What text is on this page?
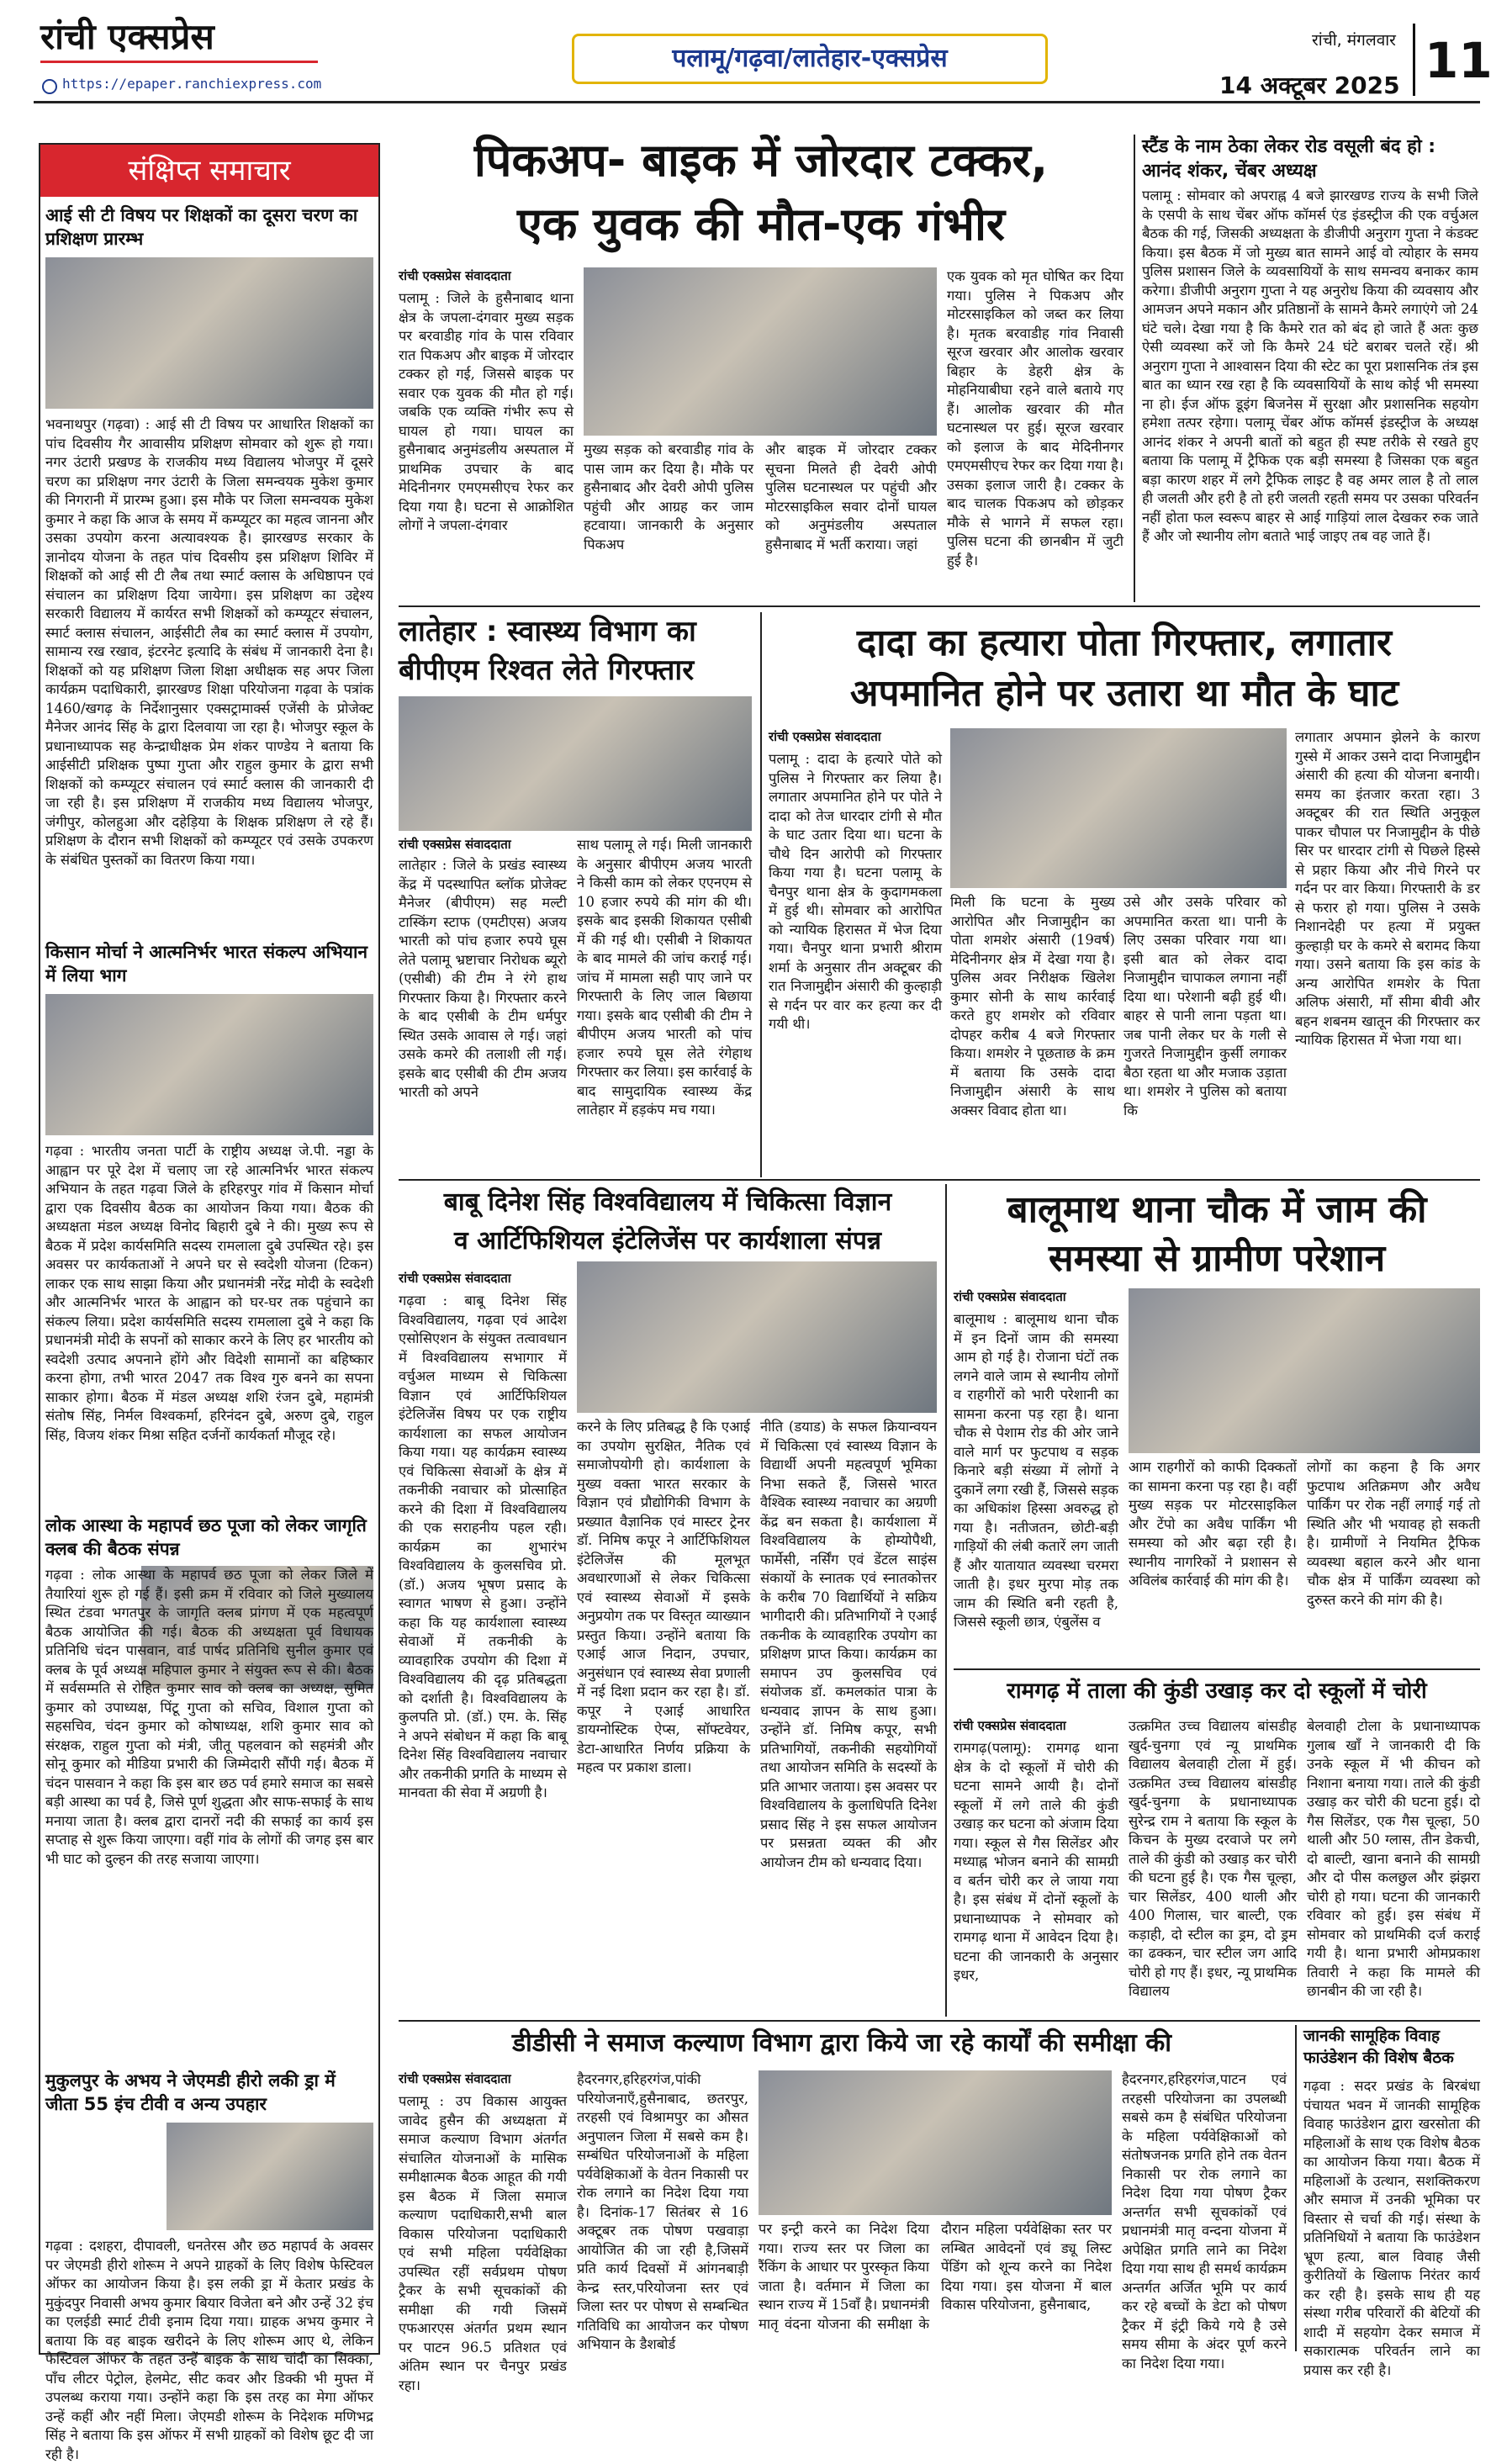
रांची एक्सप्रेस
https://epaper.ranchiexpress.com
पलामू/गढ़वा/लातेहार-एक्सप्रेस
रांची, मंगलवार
14 अक्टूबर 2025 11
संक्षिप्त समाचार
आई सी टी विषय पर शिक्षकों का दूसरा चरण का प्रशिक्षण प्रारम्भ
भवनाथपुर (गढ़वा) : आई सी टी विषय पर आधारित शिक्षकों का पांच दिवसीय गैर आवासीय प्रशिक्षण सोमवार को शुरू हो गया। नगर उंटारी प्रखण्ड के राजकीय मध्य विद्यालय भोजपुर में दूसरे चरण का प्रशिक्षण नगर उंटारी के जिला समन्वयक मुकेश कुमार की निगरानी में प्रारम्भ हुआ। इस मौके पर जिला समन्वयक मुकेश कुमार ने कहा कि आज के समय में कम्प्यूटर का महत्व जानना और उसका उपयोग करना अत्यावश्यक है। झारखण्ड सरकार के ज्ञानोदय योजना के तहत पांच दिवसीय इस प्रशिक्षण शिविर में शिक्षकों को आई सी टी लैब तथा स्मार्ट क्लास के अधिष्ठापन एवं संचालन का प्रशिक्षण दिया जायेगा। इस प्रशिक्षण का उद्देश्य सरकारी विद्यालय में कार्यरत सभी शिक्षकों को कम्प्यूटर संचालन, स्मार्ट क्लास संचालन, आईसीटी लैब का स्मार्ट क्लास में उपयोग, सामान्य रख रखाव, इंटरनेट इत्यादि के संबंध में जानकारी देना है। शिक्षकों को यह प्रशिक्षण जिला शिक्षा अधीक्षक सह अपर जिला कार्यक्रम पदाधिकारी, झारखण्ड शिक्षा परियोजना गढ़वा के पत्रांक 1460/खगढ़ के निर्देशानुसार एक्सट्रामार्क्स एजेंसी के प्रोजेक्ट मैनेजर आनंद सिंह के द्वारा दिलवाया जा रहा है। भोजपुर स्कूल के प्रधानाध्यापक सह केन्द्राधीक्षक प्रेम शंकर पाण्डेय ने बताया कि आईसीटी प्रशिक्षक पुष्पा गुप्ता और राहुल कुमार के द्वारा सभी शिक्षकों को कम्प्यूटर संचालन एवं स्मार्ट क्लास की जानकारी दी जा रही है। इस प्रशिक्षण में राजकीय मध्य विद्यालय भोजपुर, जंगीपुर, कोलहुआ और दहेड़िया के शिक्षक प्रशिक्षण ले रहे हैं। प्रशिक्षण के दौरान सभी शिक्षकों को कम्प्यूटर एवं उसके उपकरण के संबंधित पुस्तकों का वितरण किया गया।
किसान मोर्चा ने आत्मनिर्भर भारत संकल्प अभियान में लिया भाग
गढ़वा : भारतीय जनता पार्टी के राष्ट्रीय अध्यक्ष जे.पी. नड्डा के आह्वान पर पूरे देश में चलाए जा रहे आत्मनिर्भर भारत संकल्प अभियान के तहत गढ़वा जिले के हरिहरपुर गांव में किसान मोर्चा द्वारा एक दिवसीय बैठक का आयोजन किया गया। बैठक की अध्यक्षता मंडल अध्यक्ष विनोद बिहारी दुबे ने की। मुख्य रूप से बैठक में प्रदेश कार्यसमिति सदस्य रामलाला दुबे उपस्थित रहे। इस अवसर पर कार्यकताओं ने अपने घर से स्वदेशी योजना (टिकन) लाकर एक साथ साझा किया और प्रधानमंत्री नरेंद्र मोदी के स्वदेशी और आत्मनिर्भर भारत के आह्वान को घर-घर तक पहुंचाने का संकल्प लिया। प्रदेश कार्यसमिति सदस्य रामलाला दुबे ने कहा कि प्रधानमंत्री मोदी के सपनों को साकार करने के लिए हर भारतीय को स्वदेशी उत्पाद अपनाने होंगे और विदेशी सामानों का बहिष्कार करना होगा, तभी भारत 2047 तक विश्व गुरु बनने का सपना साकार होगा। बैठक में मंडल अध्यक्ष शशि रंजन दुबे, महामंत्री संतोष सिंह, निर्मल विश्वकर्मा, हरिनंदन दुबे, अरुण दुबे, राहुल सिंह, विजय शंकर मिश्रा सहित दर्जनों कार्यकर्ता मौजूद रहे।
लोक आस्था के महापर्व छठ पूजा को लेकर जागृति क्लब की बैठक संपन्न
गढ़वा : लोक आस्था के महापर्व छठ पूजा को लेकर जिले में तैयारियां शुरू हो गई हैं। इसी क्रम में रविवार को जिले मुख्यालय स्थित टंडवा भगतपुर के जागृति क्लब प्रांगण में एक महत्वपूर्ण बैठक आयोजित की गई। बैठक की अध्यक्षता पूर्व विधायक प्रतिनिधि चंदन पासवान, वार्ड पार्षद प्रतिनिधि सुनील कुमार एवं क्लब के पूर्व अध्यक्ष महिपाल कुमार ने संयुक्त रूप से की। बैठक में सर्वसम्मति से रोहित कुमार साव को क्लब का अध्यक्ष, सुमित कुमार को उपाध्यक्ष, पिंटू गुप्ता को सचिव, विशाल गुप्ता को सहसचिव, चंदन कुमार को कोषाध्यक्ष, शशि कुमार साव को संरक्षक, राहुल गुप्ता को मंत्री, जीतू पहलवान को सहमंत्री और सोनू कुमार को मीडिया प्रभारी की जिम्मेदारी सौंपी गई। बैठक में चंदन पासवान ने कहा कि इस बार छठ पर्व हमारे समाज का सबसे बड़ी आस्था का पर्व है, जिसे पूर्ण शुद्धता और साफ-सफाई के साथ मनाया जाता है। क्लब द्वारा दानरों नदी की सफाई का कार्य इस सप्ताह से शुरू किया जाएगा। वहीं गांव के लोगों की जगह इस बार भी घाट को दुल्हन की तरह सजाया जाएगा।
मुकुलपुर के अभय ने जेएमडी हीरो लकी ड्रा में जीता 55 इंच टीवी व अन्य उपहार
गढ़वा : दशहरा, दीपावली, धनतेरस और छठ महापर्व के अवसर पर जेएमडी हीरो शोरूम ने अपने ग्राहकों के लिए विशेष फेस्टिवल ऑफर का आयोजन किया है। इस लकी ड्रा में केतार प्रखंड के मुकुंदपुर निवासी अभय कुमार बियार विजेता बने और उन्हें 32 इंच का एलईडी स्मार्ट टीवी इनाम दिया गया। ग्राहक अभय कुमार ने बताया कि वह बाइक खरीदने के लिए शोरूम आए थे, लेकिन फेस्टिवल ऑफर के तहत उन्हें बाइक के साथ चांदी का सिक्का, पाँच लीटर पेट्रोल, हेलमेट, सीट कवर और डिक्की भी मुफ्त में उपलब्ध कराया गया। उन्होंने कहा कि इस तरह का मेगा ऑफर उन्हें कहीं और नहीं मिला। जेएमडी शोरूम के निदेशक मणिभद्र सिंह ने बताया कि इस ऑफर में सभी ग्राहकों को विशेष छूट दी जा रही है।
पिकअप- बाइक में जोरदार टक्कर,
एक युवक की मौत-एक गंभीर
रांची एक्सप्रेस संवाददाता
पलामू : जिले के हुसैनाबाद थाना क्षेत्र के जपला-दंगवार मुख्य सड़क पर बरवाडीह गांव के पास रविवार रात पिकअप और बाइक में जोरदार टक्कर हो गई, जिससे बाइक पर सवार एक युवक की मौत हो गई। जबकि एक व्यक्ति गंभीर रूप से घायल हो गया। घायल का हुसैनाबाद अनुमंडलीय अस्पताल में प्राथमिक उपचार के बाद मेदिनीनगर एमएमसीएच रेफर कर दिया गया है। घटना से आक्रोशित लोगों ने जपला-दंगवार
मुख्य सड़क को बरवाडीह गांव के पास जाम कर दिया है। मौके पर हुसैनाबाद और देवरी ओपी पुलिस पहुंची और आग्रह कर जाम हटवाया। जानकारी के अनुसार पिकअप
और बाइक में जोरदार टक्कर सूचना मिलते ही देवरी ओपी पुलिस घटनास्थल पर पहुंची और मोटरसाइकिल सवार दोनों घायल को अनुमंडलीय अस्पताल हुसैनाबाद में भर्ती कराया। जहां
एक युवक को मृत घोषित कर दिया गया। पुलिस ने पिकअप और मोटरसाइकिल को जब्त कर लिया है। मृतक बरवाडीह गांव निवासी सूरज खरवार और आलोक खरवार बिहार के डेहरी क्षेत्र के मोहनियाबीघा रहने वाले बताये गए हैं। आलोक खरवार की मौत घटनास्थल पर हुई। सूरज खरवार को इलाज के बाद मेदिनीनगर एमएमसीएच रेफर कर दिया गया है। उसका इलाज जारी है। टक्कर के बाद चालक पिकअप को छोड़कर मौके से भागने में सफल रहा। पुलिस घटना की छानबीन में जुटी हुई है।
स्टैंड के नाम ठेका लेकर रोड वसूली बंद हो : आनंद शंकर, चेंबर अध्यक्ष
पलामू : सोमवार को अपराह्न 4 बजे झारखण्ड राज्य के सभी जिले के एसपी के साथ चेंबर ऑफ कॉमर्स एंड इंडस्ट्रीज की एक वर्चुअल बैठक की गई, जिसकी अध्यक्षता के डीजीपी अनुराग गुप्ता ने कंडक्ट किया। इस बैठक में जो मुख्य बात सामने आई वो त्योहार के समय पुलिस प्रशासन जिले के व्यवसायियों के साथ समन्वय बनाकर काम करेगा। डीजीपी अनुराग गुप्ता ने यह अनुरोध किया की व्यवसाय और आमजन अपने मकान और प्रतिष्ठानों के सामने कैमरे लगाएंगे जो 24 घंटे चले। देखा गया है कि कैमरे रात को बंद हो जाते हैं अतः कुछ ऐसी व्यवस्था करें जो कि कैमरे 24 घंटे बराबर चलते रहें। श्री अनुराग गुप्ता ने आश्वासन दिया की स्टेट का पूरा प्रशासनिक तंत्र इस बात का ध्यान रख रहा है कि व्यवसायियों के साथ कोई भी समस्या ना हो। ईज ऑफ डूइंग बिजनेस में सुरक्षा और प्रशासनिक सहयोग हमेशा तत्पर रहेगा। पलामू चेंबर ऑफ कॉमर्स इंडस्ट्रीज के अध्यक्ष आनंद शंकर ने अपनी बातों को बहुत ही स्पष्ट तरीके से रखते हुए बताया कि पलामू में ट्रैफिक एक बड़ी समस्या है जिसका एक बहुत बड़ा कारण शहर में लगे ट्रैफिक लाइट है वह अमर लाल है तो लाल ही जलती और हरी है तो हरी जलती रहती समय पर उसका परिवर्तन नहीं होता फल स्वरूप बाहर से आई गाड़ियां लाल देखकर रुक जाते हैं और जो स्थानीय लोग बताते भाई जाइए तब वह जाते हैं।
लातेहार : स्वास्थ्य विभाग का बीपीएम रिश्वत लेते गिरफ्तार
रांची एक्सप्रेस संवाददाता
लातेहार : जिले के प्रखंड स्वास्थ्य केंद्र में पदस्थापित ब्लॉक प्रोजेक्ट मैनेजर (बीपीएम) सह मल्टी टास्किंग स्टाफ (एमटीएस) अजय भारती को पांच हजार रुपये घूस लेते पलामू भ्रष्टाचार निरोधक ब्यूरो (एसीबी) की टीम ने रंगे हाथ गिरफ्तार किया है। गिरफ्तार करने के बाद एसीबी के टीम धर्मपुर स्थित उसके आवास ले गई। जहां उसके कमरे की तलाशी ली गई। इसके बाद एसीबी की टीम अजय भारती को अपने
साथ पलामू ले गई। मिली जानकारी के अनुसार बीपीएम अजय भारती ने किसी काम को लेकर एएनएम से 10 हजार रुपये की मांग की थी। इसके बाद इसकी शिकायत एसीबी में की गई थी। एसीबी ने शिकायत के बाद मामले की जांच कराई गई। जांच में मामला सही पाए जाने पर गिरफ्तारी के लिए जाल बिछाया गया। इसके बाद एसीबी की टीम ने बीपीएम अजय भारती को पांच हजार रुपये घूस लेते रंगेहाथ गिरफ्तार कर लिया। इस कार्रवाई के बाद सामुदायिक स्वास्थ्य केंद्र लातेहार में हड़कंप मच गया।
दादा का हत्यारा पोता गिरफ्तार, लगातार
अपमानित होने पर उतारा था मौत के घाट
रांची एक्सप्रेस संवाददाता
पलामू : दादा के हत्यारे पोते को पुलिस ने गिरफ्तार कर लिया है। लगातार अपमानित होने पर पोते ने दादा को तेज धारदार टांगी से मौत के घाट उतार दिया था। घटना के चौथे दिन आरोपी को गिरफ्तार किया गया है। घटना पलामू के चैनपुर थाना क्षेत्र के कुदागमकला में हुई थी। सोमवार को आरोपित को न्यायिक हिरासत में भेज दिया गया। चैनपुर थाना प्रभारी श्रीराम शर्मा के अनुसार तीन अक्टूबर की रात निजामुद्दीन अंसारी की कुल्हाड़ी से गर्दन पर वार कर हत्या कर दी गयी थी।
मिली कि घटना के मुख्य आरोपित और निजामुद्दीन का पोता शमशेर अंसारी (19वर्ष) मेदिनीनगर क्षेत्र में देखा गया है। पुलिस अवर निरीक्षक खिलेश कुमार सोनी के साथ कार्रवाई करते हुए शमशेर को रविवार दोपहर करीब 4 बजे गिरफ्तार किया। शमशेर ने पूछताछ के क्रम में बताया कि उसके दादा निजामुद्दीन अंसारी के साथ अक्सर विवाद होता था।
उसे और उसके परिवार को अपमानित करता था। पानी के लिए उसका परिवार गया था। इसी बात को लेकर दादा निजामुद्दीन चापाकल लगाना नहीं दिया था। परेशानी बढ़ी हुई थी। बाहर से पानी लाना पड़ता था। जब पानी लेकर घर के गली से गुजरते निजामुद्दीन कुर्सी लगाकर बैठा रहता था और मजाक उड़ाता था। शमशेर ने पुलिस को बताया कि
लगातार अपमान झेलने के कारण गुस्से में आकर उसने दादा निजामुद्दीन अंसारी की हत्या की योजना बनायी। समय का इंतजार करता रहा। 3 अक्टूबर की रात स्थिति अनुकूल पाकर चौपाल पर निजामुद्दीन के पीछे सिर पर धारदार टांगी से पिछले हिस्से से प्रहार किया और नीचे गिरने पर गर्दन पर वार किया। गिरफ्तारी के डर से फरार हो गया। पुलिस ने उसके निशानदेही पर हत्या में प्रयुक्त कुल्हाड़ी घर के कमरे से बरामद किया गया। उसने बताया कि इस कांड के अन्य आरोपित शमशेर के पिता अलिफ अंसारी, माँ सीमा बीवी और बहन शबनम खातून की गिरफ्तार कर न्यायिक हिरासत में भेजा गया था।
बाबू दिनेश सिंह विश्वविद्यालय में चिकित्सा विज्ञान
व आर्टिफिशियल इंटेलिजेंस पर कार्यशाला संपन्न
रांची एक्सप्रेस संवाददाता
गढ़वा : बाबू दिनेश सिंह विश्वविद्यालय, गढ़वा एवं आदेश एसोसिएशन के संयुक्त तत्वावधान में विश्वविद्यालय सभागार में वर्चुअल माध्यम से चिकित्सा विज्ञान एवं आर्टिफिशियल इंटेलिजेंस विषय पर एक राष्ट्रीय कार्यशाला का सफल आयोजन किया गया। यह कार्यक्रम स्वास्थ्य एवं चिकित्सा सेवाओं के क्षेत्र में तकनीकी नवाचार को प्रोत्साहित करने की दिशा में विश्वविद्यालय की एक सराहनीय पहल रही। कार्यक्रम का शुभारंभ विश्वविद्यालय के कुलसचिव प्रो. (डॉ.) अजय भूषण प्रसाद के स्वागत भाषण से हुआ। उन्होंने कहा कि यह कार्यशाला स्वास्थ्य सेवाओं में तकनीकी के व्यावहारिक उपयोग की दिशा में विश्वविद्यालय की दृढ़ प्रतिबद्धता को दर्शाती है। विश्वविद्यालय के कुलपति प्रो. (डॉ.) एम. के. सिंह ने अपने संबोधन में कहा कि बाबू दिनेश सिंह विश्वविद्यालय नवाचार और तकनीकी प्रगति के माध्यम से मानवता की सेवा में अग्रणी है।
करने के लिए प्रतिबद्ध है कि एआई का उपयोग सुरक्षित, नैतिक एवं समाजोपयोगी हो। कार्यशाला के मुख्य वक्ता भारत सरकार के विज्ञान एवं प्रौद्योगिकी विभाग के प्रख्यात वैज्ञानिक एवं मास्टर ट्रेनर डॉ. निमिष कपूर ने आर्टिफिशियल इंटेलिजेंस की मूलभूत अवधारणाओं से लेकर चिकित्सा एवं स्वास्थ्य सेवाओं में इसके अनुप्रयोग तक पर विस्तृत व्याख्यान प्रस्तुत किया। उन्होंने बताया कि एआई आज निदान, उपचार, अनुसंधान एवं स्वास्थ्य सेवा प्रणाली में नई दिशा प्रदान कर रहा है। डॉ. कपूर ने एआई आधारित डायग्नोस्टिक ऐप्स, सॉफ्टवेयर, डेटा-आधारित निर्णय प्रक्रिया के महत्व पर प्रकाश डाला।
नीति (डयाड) के सफल क्रियान्वयन में चिकित्सा एवं स्वास्थ्य विज्ञान के विद्यार्थी अपनी महत्वपूर्ण भूमिका निभा सकते हैं, जिससे भारत वैश्विक स्वास्थ्य नवाचार का अग्रणी केंद्र बन सकता है। कार्यशाला में विश्वविद्यालय के होम्योपैथी, फार्मेसी, नर्सिंग एवं डेंटल साइंस संकायों के स्नातक एवं स्नातकोत्तर के करीब 70 विद्यार्थियों ने सक्रिय भागीदारी की। प्रतिभागियों ने एआई तकनीक के व्यावहारिक उपयोग का प्रशिक्षण प्राप्त किया। कार्यक्रम का समापन उप कुलसचिव एवं संयोजक डॉ. कमलकांत पात्रा के धन्यवाद ज्ञापन के साथ हुआ। उन्होंने डॉ. निमिष कपूर, सभी प्रतिभागियों, तकनीकी सहयोगियों तथा आयोजन समिति के सदस्यों के प्रति आभार जताया। इस अवसर पर विश्वविद्यालय के कुलाधिपति दिनेश प्रसाद सिंह ने इस सफल आयोजन पर प्रसन्नता व्यक्त की और आयोजन टीम को धन्यवाद दिया।
बालूमाथ थाना चौक में जाम की
समस्या से ग्रामीण परेशान
रांची एक्सप्रेस संवाददाता
बालूमाथ : बालूमाथ थाना चौक में इन दिनों जाम की समस्या आम हो गई है। रोजाना घंटों तक लगने वाले जाम से स्थानीय लोगों व राहगीरों को भारी परेशानी का सामना करना पड़ रहा है। थाना चौक से पेशाम रोड की ओर जाने वाले मार्ग पर फुटपाथ व सड़क किनारे बड़ी संख्या में लोगों ने दुकानें लगा रखी हैं, जिससे सड़क का अधिकांश हिस्सा अवरुद्ध हो गया है। नतीजतन, छोटी-बड़ी गाड़ियों की लंबी कतारें लग जाती हैं और यातायात व्यवस्था चरमरा जाती है। इधर मुरपा मोड़ तक जाम की स्थिति बनी रहती है, जिससे स्कूली छात्र, एंबुलेंस व
आम राहगीरों को काफी दिक्कतों का सामना करना पड़ रहा है। वहीं मुख्य सड़क पर मोटरसाइकिल और टेंपो का अवैध पार्किंग भी समस्या को और बढ़ा रही है। स्थानीय नागरिकों ने प्रशासन से अविलंब कार्रवाई की मांग की है।
लोगों का कहना है कि अगर फुटपाथ अतिक्रमण और अवैध पार्किंग पर रोक नहीं लगाई गई तो स्थिति और भी भयावह हो सकती है। ग्रामीणों ने नियमित ट्रैफिक व्यवस्था बहाल करने और थाना चौक क्षेत्र में पार्किंग व्यवस्था को दुरुस्त करने की मांग की है।
रामगढ़ में ताला की कुंडी उखाड़ कर दो स्कूलों में चोरी
रांची एक्सप्रेस संवाददाता
रामगढ़(पलामू): रामगढ़ थाना क्षेत्र के दो स्कूलों में चोरी की घटना सामने आयी है। दोनों स्कूलों में लगे ताले की कुंडी उखाड़ कर घटना को अंजाम दिया गया। स्कूल से गैस सिलेंडर और मध्याह्न भोजन बनाने की सामग्री व बर्तन चोरी कर ले जाया गया है। इस संबंध में दोनों स्कूलों के प्रधानाध्यापक ने सोमवार को रामगढ़ थाना में आवेदन दिया है। घटना की जानकारी के अनुसार इधर,
उत्क्रमित उच्च विद्यालय बांसडीह खुर्द-चुनगा एवं न्यू प्राथमिक विद्यालय बेलवाही टोला में हुई। उत्क्रमित उच्च विद्यालय बांसडीह खुर्द-चुनगा के प्रधानाध्यापक सुरेन्द्र राम ने बताया कि स्कूल के किचन के मुख्य दरवाजे पर लगे ताले की कुंडी को उखाड़ कर चोरी की घटना हुई है। एक गैस चूल्हा, चार सिलेंडर, 400 थाली और 400 गिलास, चार बाल्टी, एक कड़ाही, दो स्टील का ड्रम, दो ड्रम का ढक्कन, चार स्टील जग आदि चोरी हो गए हैं। इधर, न्यू प्राथमिक विद्यालय
बेलवाही टोला के प्रधानाध्यापक गुलाब खाँ ने जानकारी दी कि उनके स्कूल में भी कीचन को निशाना बनाया गया। ताले की कुंडी उखाड़ कर चोरी की घटना हुई। दो गैस सिलेंडर, एक गैस चूल्हा, 50 थाली और 50 ग्लास, तीन डेकची, दो बाल्टी, खाना बनाने की सामग्री और दो पीस कलछुल और झंझरा चोरी हो गया। घटना की जानकारी रविवार को हुई। इस संबंध में सोमवार को प्राथमिकी दर्ज कराई गयी है। थाना प्रभारी ओमप्रकाश तिवारी ने कहा कि मामले की छानबीन की जा रही है।
डीडीसी ने समाज कल्याण विभाग द्वारा किये जा रहे कार्यों की समीक्षा की
रांची एक्सप्रेस संवाददाता
पलामू : उप विकास आयुक्त जावेद हुसैन की अध्यक्षता में समाज कल्याण विभाग अंतर्गत संचालित योजनाओं के मासिक समीक्षात्मक बैठक आहूत की गयी इस बैठक में जिला समाज कल्याण पदाधिकारी,सभी बाल विकास परियोजना पदाधिकारी एवं सभी महिला पर्यवेक्षिका उपस्थित रहीं सर्वप्रथम पोषण ट्रैकर के सभी सूचकांकों की समीक्षा की गयी जिसमें एफआरएस अंतर्गत प्रथम स्थान पर पाटन 96.5 प्रतिशत एवं अंतिम स्थान पर चैनपुर प्रखंड रहा।
हैदरनगर,हरिहरगंज,पांकी परियोजनाएँ,हुसैनाबाद, छतरपुर, तरहसी एवं विश्रामपुर का औसत अनुपालन जिला में सबसे कम है। सम्बंधित परियोजनाओं के महिला पर्यवेक्षिकाओं के वेतन निकासी पर रोक लगाने का निदेश दिया गया है। दिनांक-17 सितंबर से 16 अक्टूबर तक पोषण पखवाड़ा आयोजित की जा रही है,जिसमें प्रति कार्य दिवसों में आंगनबाड़ी केन्द्र स्तर,परियोजना स्तर एवं जिला स्तर पर पोषण से सम्बन्धित गतिविधि का आयोजन कर पोषण अभियान के डैशबोर्ड
पर इन्ट्री करने का निदेश दिया गया। राज्य स्तर पर जिला का रैंकिंग के आधार पर पुरस्कृत किया जाता है। वर्तमान में जिला का स्थान राज्य में 15वाँ है। प्रधानमंत्री मातृ वंदना योजना की समीक्षा के दौरान महिला पर्यवेक्षिका स्तर पर लम्बित आवेदनों एवं ड्यू लिस्ट पेंडिंग को शून्य करने का निदेश दिया गया। इस योजना में बाल विकास परियोजना, हुसैनाबाद,
हैदरनगर,हरिहरगंज,पाटन एवं तरहसी परियोजना का उपलब्धी सबसे कम है संबंधित परियोजना के महिला पर्यवेक्षिकाओं को संतोषजनक प्रगति होने तक वेतन निकासी पर रोक लगाने का निदेश दिया गया पोषण ट्रैकर अन्तर्गत सभी सूचकांकों एवं प्रधानमंत्री मातृ वन्दना योजना में अपेक्षित प्रगति लाने का निदेश दिया गया साथ ही समर्थ कार्यक्रम अन्तर्गत अर्जित भूमि पर कार्य कर रहे बच्चों के डेटा को पोषण ट्रैकर में इंट्री किये गये है उसे समय सीमा के अंदर पूर्ण करने का निदेश दिया गया।
जानकी सामूहिक विवाह फाउंडेशन की विशेष बैठक
गढ़वा : सदर प्रखंड के बिरबंधा पंचायत भवन में जानकी सामूहिक विवाह फाउंडेशन द्वारा खरसोता की महिलाओं के साथ एक विशेष बैठक का आयोजन किया गया। बैठक में महिलाओं के उत्थान, सशक्तिकरण और समाज में उनकी भूमिका पर विस्तार से चर्चा की गई। संस्था के प्रतिनिधियों ने बताया कि फाउंडेशन भ्रूण हत्या, बाल विवाह जैसी कुरीतियों के खिलाफ निरंतर कार्य कर रही है। इसके साथ ही यह संस्था गरीब परिवारों की बेटियों की शादी में सहयोग देकर समाज में सकारात्मक परिवर्तन लाने का प्रयास कर रही है।
